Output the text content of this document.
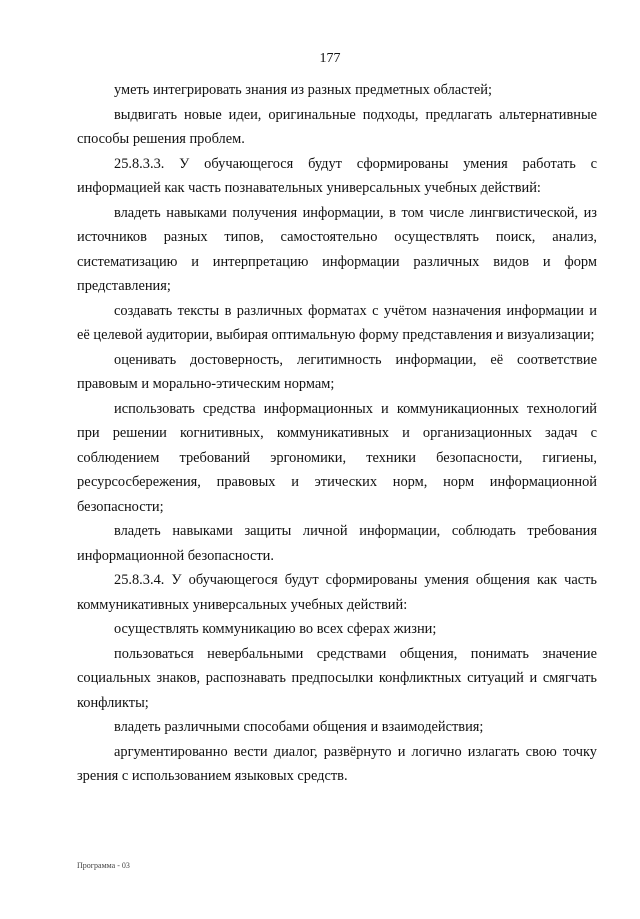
177

уметь интегрировать знания из разных предметных областей;

выдвигать новые идеи, оригинальные подходы, предлагать альтернативные способы решения проблем.

25.8.3.3. У обучающегося будут сформированы умения работать с информацией как часть познавательных универсальных учебных действий:

владеть навыками получения информации, в том числе лингвистической, из источников разных типов, самостоятельно осуществлять поиск, анализ, систематизацию и интерпретацию информации различных видов и форм представления;

создавать тексты в различных форматах с учётом назначения информации и её целевой аудитории, выбирая оптимальную форму представления и визуализации;

оценивать достоверность, легитимность информации, её соответствие правовым и морально-этическим нормам;

использовать средства информационных и коммуникационных технологий при решении когнитивных, коммуникативных и организационных задач с соблюдением требований эргономики, техники безопасности, гигиены, ресурсосбережения, правовых и этических норм, норм информационной безопасности;

владеть навыками защиты личной информации, соблюдать требования информационной безопасности.

25.8.3.4. У обучающегося будут сформированы умения общения как часть коммуникативных универсальных учебных действий:

осуществлять коммуникацию во всех сферах жизни;

пользоваться невербальными средствами общения, понимать значение социальных знаков, распознавать предпосылки конфликтных ситуаций и смягчать конфликты;

владеть различными способами общения и взаимодействия;

аргументированно вести диалог, развёрнуто и логично излагать свою точку зрения с использованием языковых средств.

Программа - 03
